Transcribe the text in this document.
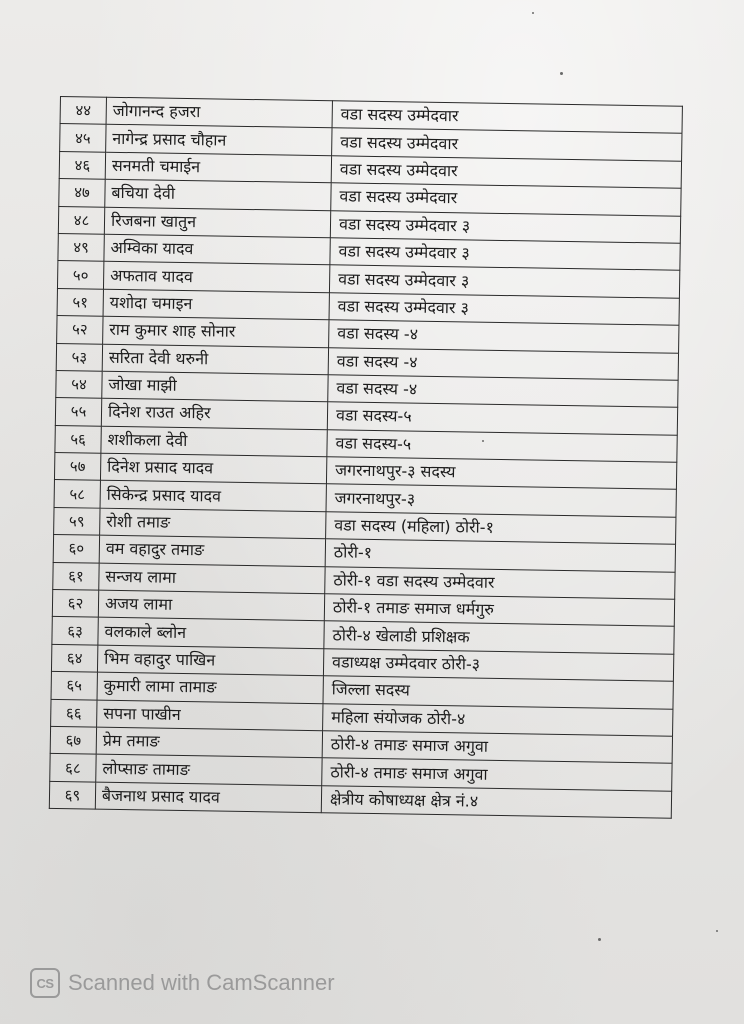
४४	जोगानन्द हजरा	वडा सदस्य उम्मेदवार
४५	नागेन्द्र प्रसाद चौहान	वडा सदस्य उम्मेदवार
४६	सनमती चमाईन	वडा सदस्य उम्मेदवार
४७	बचिया देवी	वडा सदस्य उम्मेदवार
४८	रिजबना खातुन	वडा सदस्य उम्मेदवार ३
४९	अम्विका यादव	वडा सदस्य उम्मेदवार ३
५०	अफताव यादव	वडा सदस्य उम्मेदवार ३
५१	यशोदा चमाइन	वडा सदस्य उम्मेदवार ३
५२	राम कुमार शाह सोनार	वडा सदस्य -४
५३	सरिता देवी थरुनी	वडा सदस्य -४
५४	जोखा माझी	वडा सदस्य -४
५५	दिनेश राउत अहिर	वडा सदस्य-५
५६	शशीकला देवी	वडा सदस्य-५
५७	दिनेश प्रसाद यादव	जगरनाथपुर-३ सदस्य
५८	सिकेन्द्र प्रसाद यादव	जगरनाथपुर-३
५९	रोशी तमाङ	वडा सदस्य (महिला) ठोरी-१
६०	वम वहादुर तमाङ	ठोरी-१
६१	सन्जय लामा	ठोरी-१ वडा सदस्य उम्मेदवार
६२	अजय लामा	ठोरी-१ तमाङ समाज धर्मगुरु
६३	वलकाले ब्लोन	ठोरी-४ खेलाडी प्रशिक्षक
६४	भिम वहादुर पाखिन	वडाध्यक्ष उम्मेदवार ठोरी-३
६५	कुमारी लामा तामाङ	जिल्ला सदस्य
६६	सपना पाखीन	महिला संयोजक ठोरी-४
६७	प्रेम तमाङ	ठोरी-४ तमाङ समाज अगुवा
६८	लोप्साङ तामाङ	ठोरी-४ तमाङ समाज अगुवा
६९	बैजनाथ प्रसाद यादव	क्षेत्रीय कोषाध्यक्ष क्षेत्र नं.४
CS Scanned with CamScanner
